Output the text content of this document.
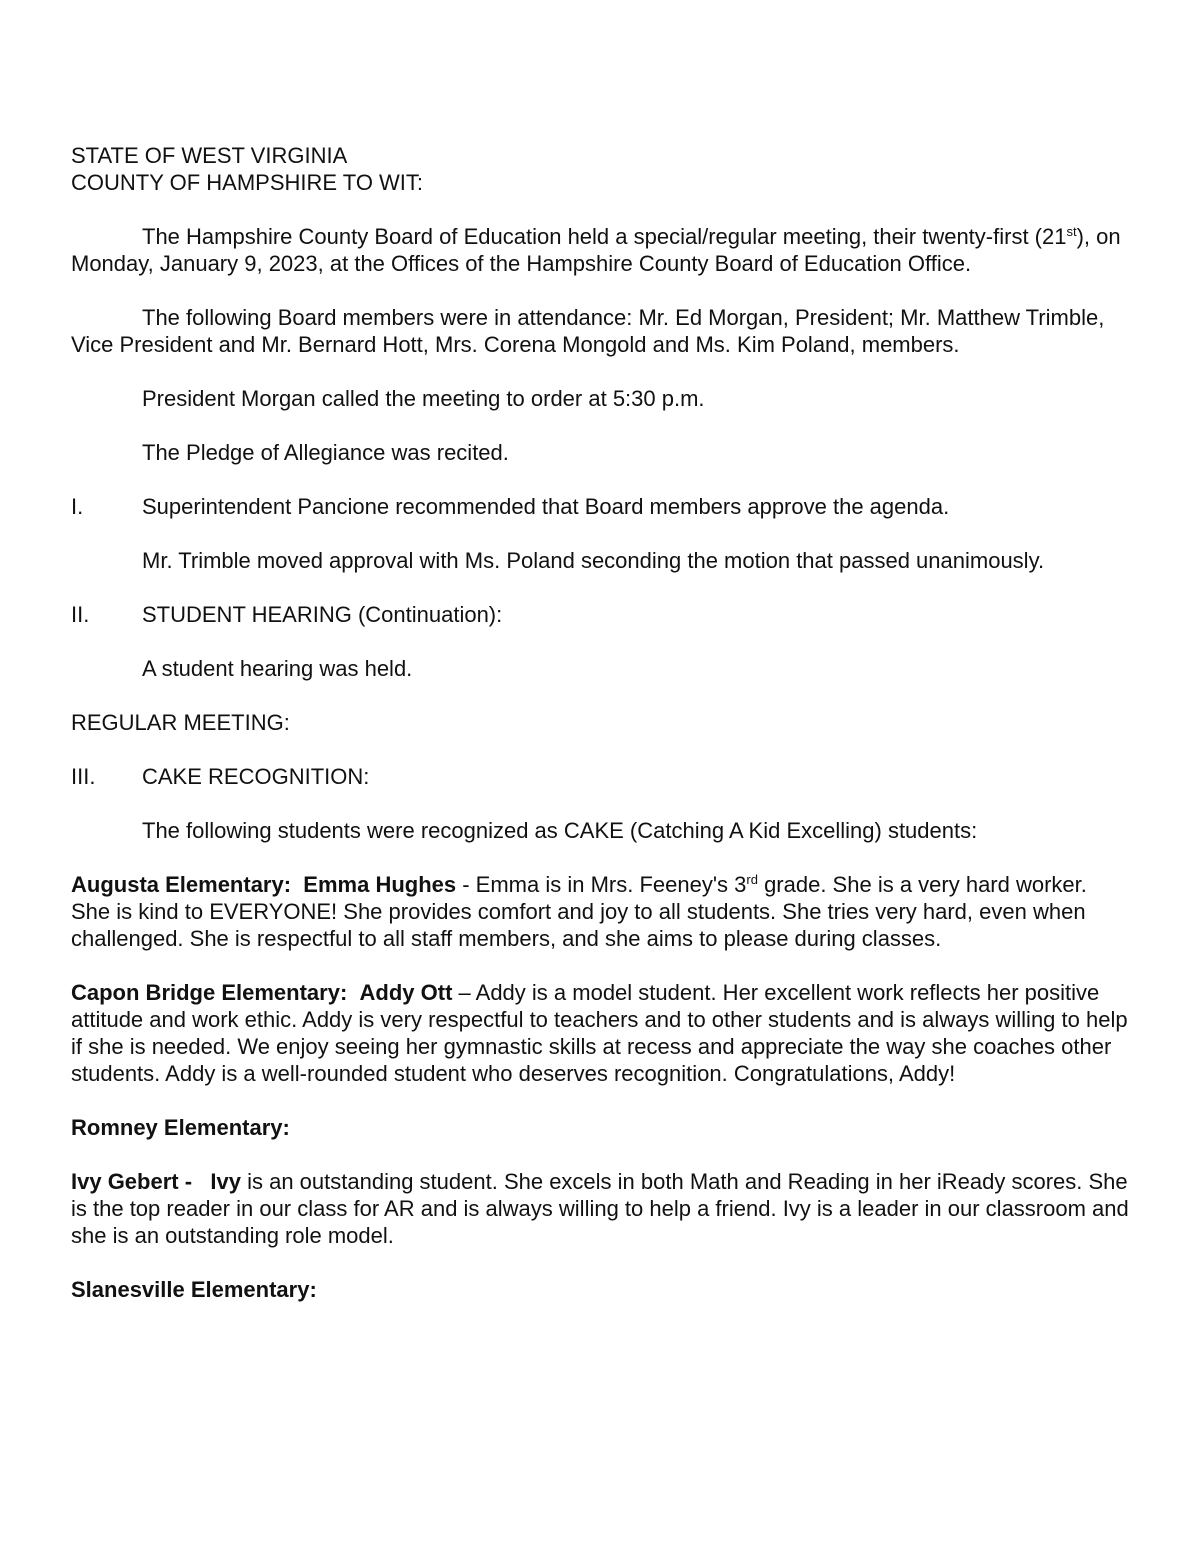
STATE OF WEST VIRGINIA

COUNTY OF HAMPSHIRE TO WIT:

The Hampshire County Board of Education held a special/regular meeting, their twenty-first (21st), on Monday, January 9, 2023, at the Offices of the Hampshire County Board of Education Office.

The following Board members were in attendance: Mr. Ed Morgan, President; Mr. Matthew Trimble, Vice President and Mr. Bernard Hott, Mrs. Corena Mongold and Ms. Kim Poland, members.

President Morgan called the meeting to order at 5:30 p.m.

The Pledge of Allegiance was recited.

I.	Superintendent Pancione recommended that Board members approve the agenda.

Mr. Trimble moved approval with Ms. Poland seconding the motion that passed unanimously.

II.	STUDENT HEARING (Continuation):

A student hearing was held.

REGULAR MEETING:

III.	CAKE RECOGNITION:

The following students were recognized as CAKE (Catching A Kid Excelling) students:

Augusta Elementary: Emma Hughes - Emma is in Mrs. Feeney's 3rd grade. She is a very hard worker. She is kind to EVERYONE! She provides comfort and joy to all students. She tries very hard, even when challenged. She is respectful to all staff members, and she aims to please during classes.

Capon Bridge Elementary: Addy Ott – Addy is a model student. Her excellent work reflects her positive attitude and work ethic. Addy is very respectful to teachers and to other students and is always willing to help if she is needed. We enjoy seeing her gymnastic skills at recess and appreciate the way she coaches other students. Addy is a well-rounded student who deserves recognition. Congratulations, Addy!

Romney Elementary:

Ivy Gebert - Ivy is an outstanding student. She excels in both Math and Reading in her iReady scores. She is the top reader in our class for AR and is always willing to help a friend. Ivy is a leader in our classroom and she is an outstanding role model.

Slanesville Elementary:
